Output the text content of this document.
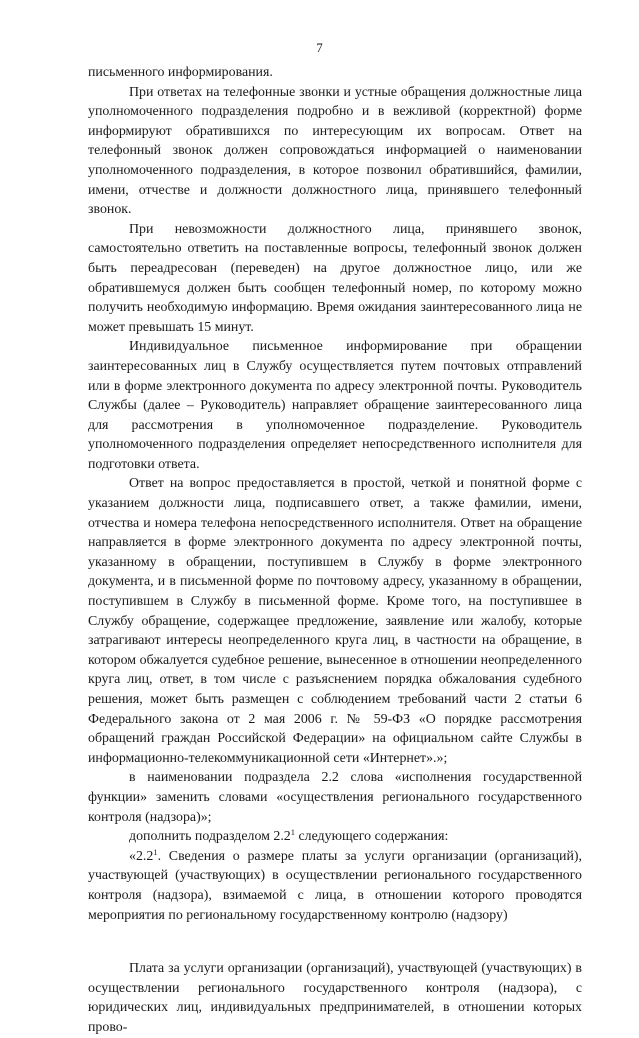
7

письменного информирования.

При ответах на телефонные звонки и устные обращения должностные лица уполномоченного подразделения подробно и в вежливой (корректной) форме информируют обратившихся по интересующим их вопросам. Ответ на телефонный звонок должен сопровождаться информацией о наименовании уполномоченного подразделения, в которое позвонил обратившийся, фамилии, имени, отчестве и должности должностного лица, принявшего телефонный звонок.

При невозможности должностного лица, принявшего звонок, самостоятельно ответить на поставленные вопросы, телефонный звонок должен быть переадресован (переведен) на другое должностное лицо, или же обратившемуся должен быть сообщен телефонный номер, по которому можно получить необходимую информацию. Время ожидания заинтересованного лица не может превышать 15 минут.

Индивидуальное письменное информирование при обращении заинтересованных лиц в Службу осуществляется путем почтовых отправлений или в форме электронного документа по адресу электронной почты. Руководитель Службы (далее – Руководитель) направляет обращение заинтересованного лица для рассмотрения в уполномоченное подразделение. Руководитель уполномоченного подразделения определяет непосредственного исполнителя для подготовки ответа.

Ответ на вопрос предоставляется в простой, четкой и понятной форме с указанием должности лица, подписавшего ответ, а также фамилии, имени, отчества и номера телефона непосредственного исполнителя. Ответ на обращение направляется в форме электронного документа по адресу электронной почты, указанному в обращении, поступившем в Службу в форме электронного документа, и в письменной форме по почтовому адресу, указанному в обращении, поступившем в Службу в письменной форме. Кроме того, на поступившее в Службу обращение, содержащее предложение, заявление или жалобу, которые затрагивают интересы неопределенного круга лиц, в частности на обращение, в котором обжалуется судебное решение, вынесенное в отношении неопределенного круга лиц, ответ, в том числе с разъяснением порядка обжалования судебного решения, может быть размещен с соблюдением требований части 2 статьи 6 Федерального закона от 2 мая 2006 г. № 59-ФЗ «О порядке рассмотрения обращений граждан Российской Федерации» на официальном сайте Службы в информационно-телекоммуникационной сети «Интернет».»;

в наименовании подраздела 2.2 слова «исполнения государственной функции» заменить словами «осуществления регионального государственного контроля (надзора)»;

дополнить подразделом $2.2^1$ следующего содержания:

«$2.2^1$. Сведения о размере платы за услуги организации (организаций), участвующей (участвующих) в осуществлении регионального государственного контроля (надзора), взимаемой с лица, в отношении которого проводятся мероприятия по региональному государственному контролю (надзору)

Плата за услуги организации (организаций), участвующей (участвующих) в осуществлении регионального государственного контроля (надзора), с юридических лиц, индивидуальных предпринимателей, в отношении которых прово-
